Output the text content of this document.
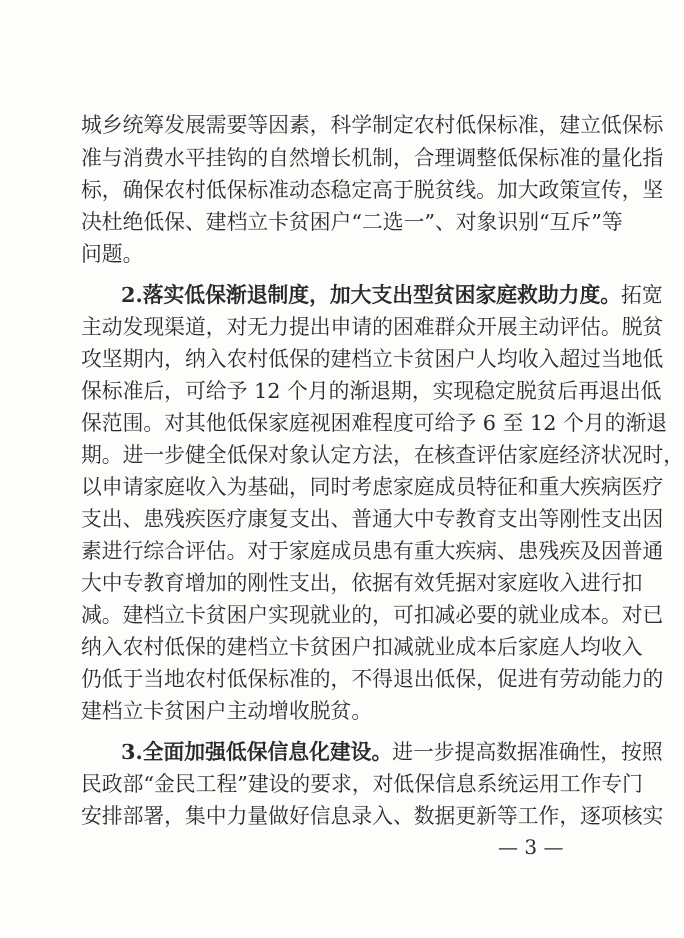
城乡统筹发展需要等因素，科学制定农村低保标准，建立低保标
准与消费水平挂钩的自然增长机制，合理调整低保标准的量化指
标，确保农村低保标准动态稳定高于脱贫线。加大政策宣传，坚
决杜绝低保、建档立卡贫困户“二选一”、对象识别“互斥”等
问题。
2.落实低保渐退制度，加大支出型贫困家庭救助力度。拓宽
主动发现渠道，对无力提出申请的困难群众开展主动评估。脱贫
攻坚期内，纳入农村低保的建档立卡贫困户人均收入超过当地低
保标准后，可给予 12 个月的渐退期，实现稳定脱贫后再退出低
保范围。对其他低保家庭视困难程度可给予 6 至 12 个月的渐退
期。进一步健全低保对象认定方法，在核查评估家庭经济状况时，
以申请家庭收入为基础，同时考虑家庭成员特征和重大疾病医疗
支出、患残疾医疗康复支出、普通大中专教育支出等刚性支出因
素进行综合评估。对于家庭成员患有重大疾病、患残疾及因普通
大中专教育增加的刚性支出，依据有效凭据对家庭收入进行扣
减。建档立卡贫困户实现就业的，可扣减必要的就业成本。对已
纳入农村低保的建档立卡贫困户扣减就业成本后家庭人均收入
仍低于当地农村低保标准的，不得退出低保，促进有劳动能力的
建档立卡贫困户主动增收脱贫。
3.全面加强低保信息化建设。进一步提高数据准确性，按照
民政部“金民工程”建设的要求，对低保信息系统运用工作专门
安排部署，集中力量做好信息录入、数据更新等工作，逐项核实
— 3 —
